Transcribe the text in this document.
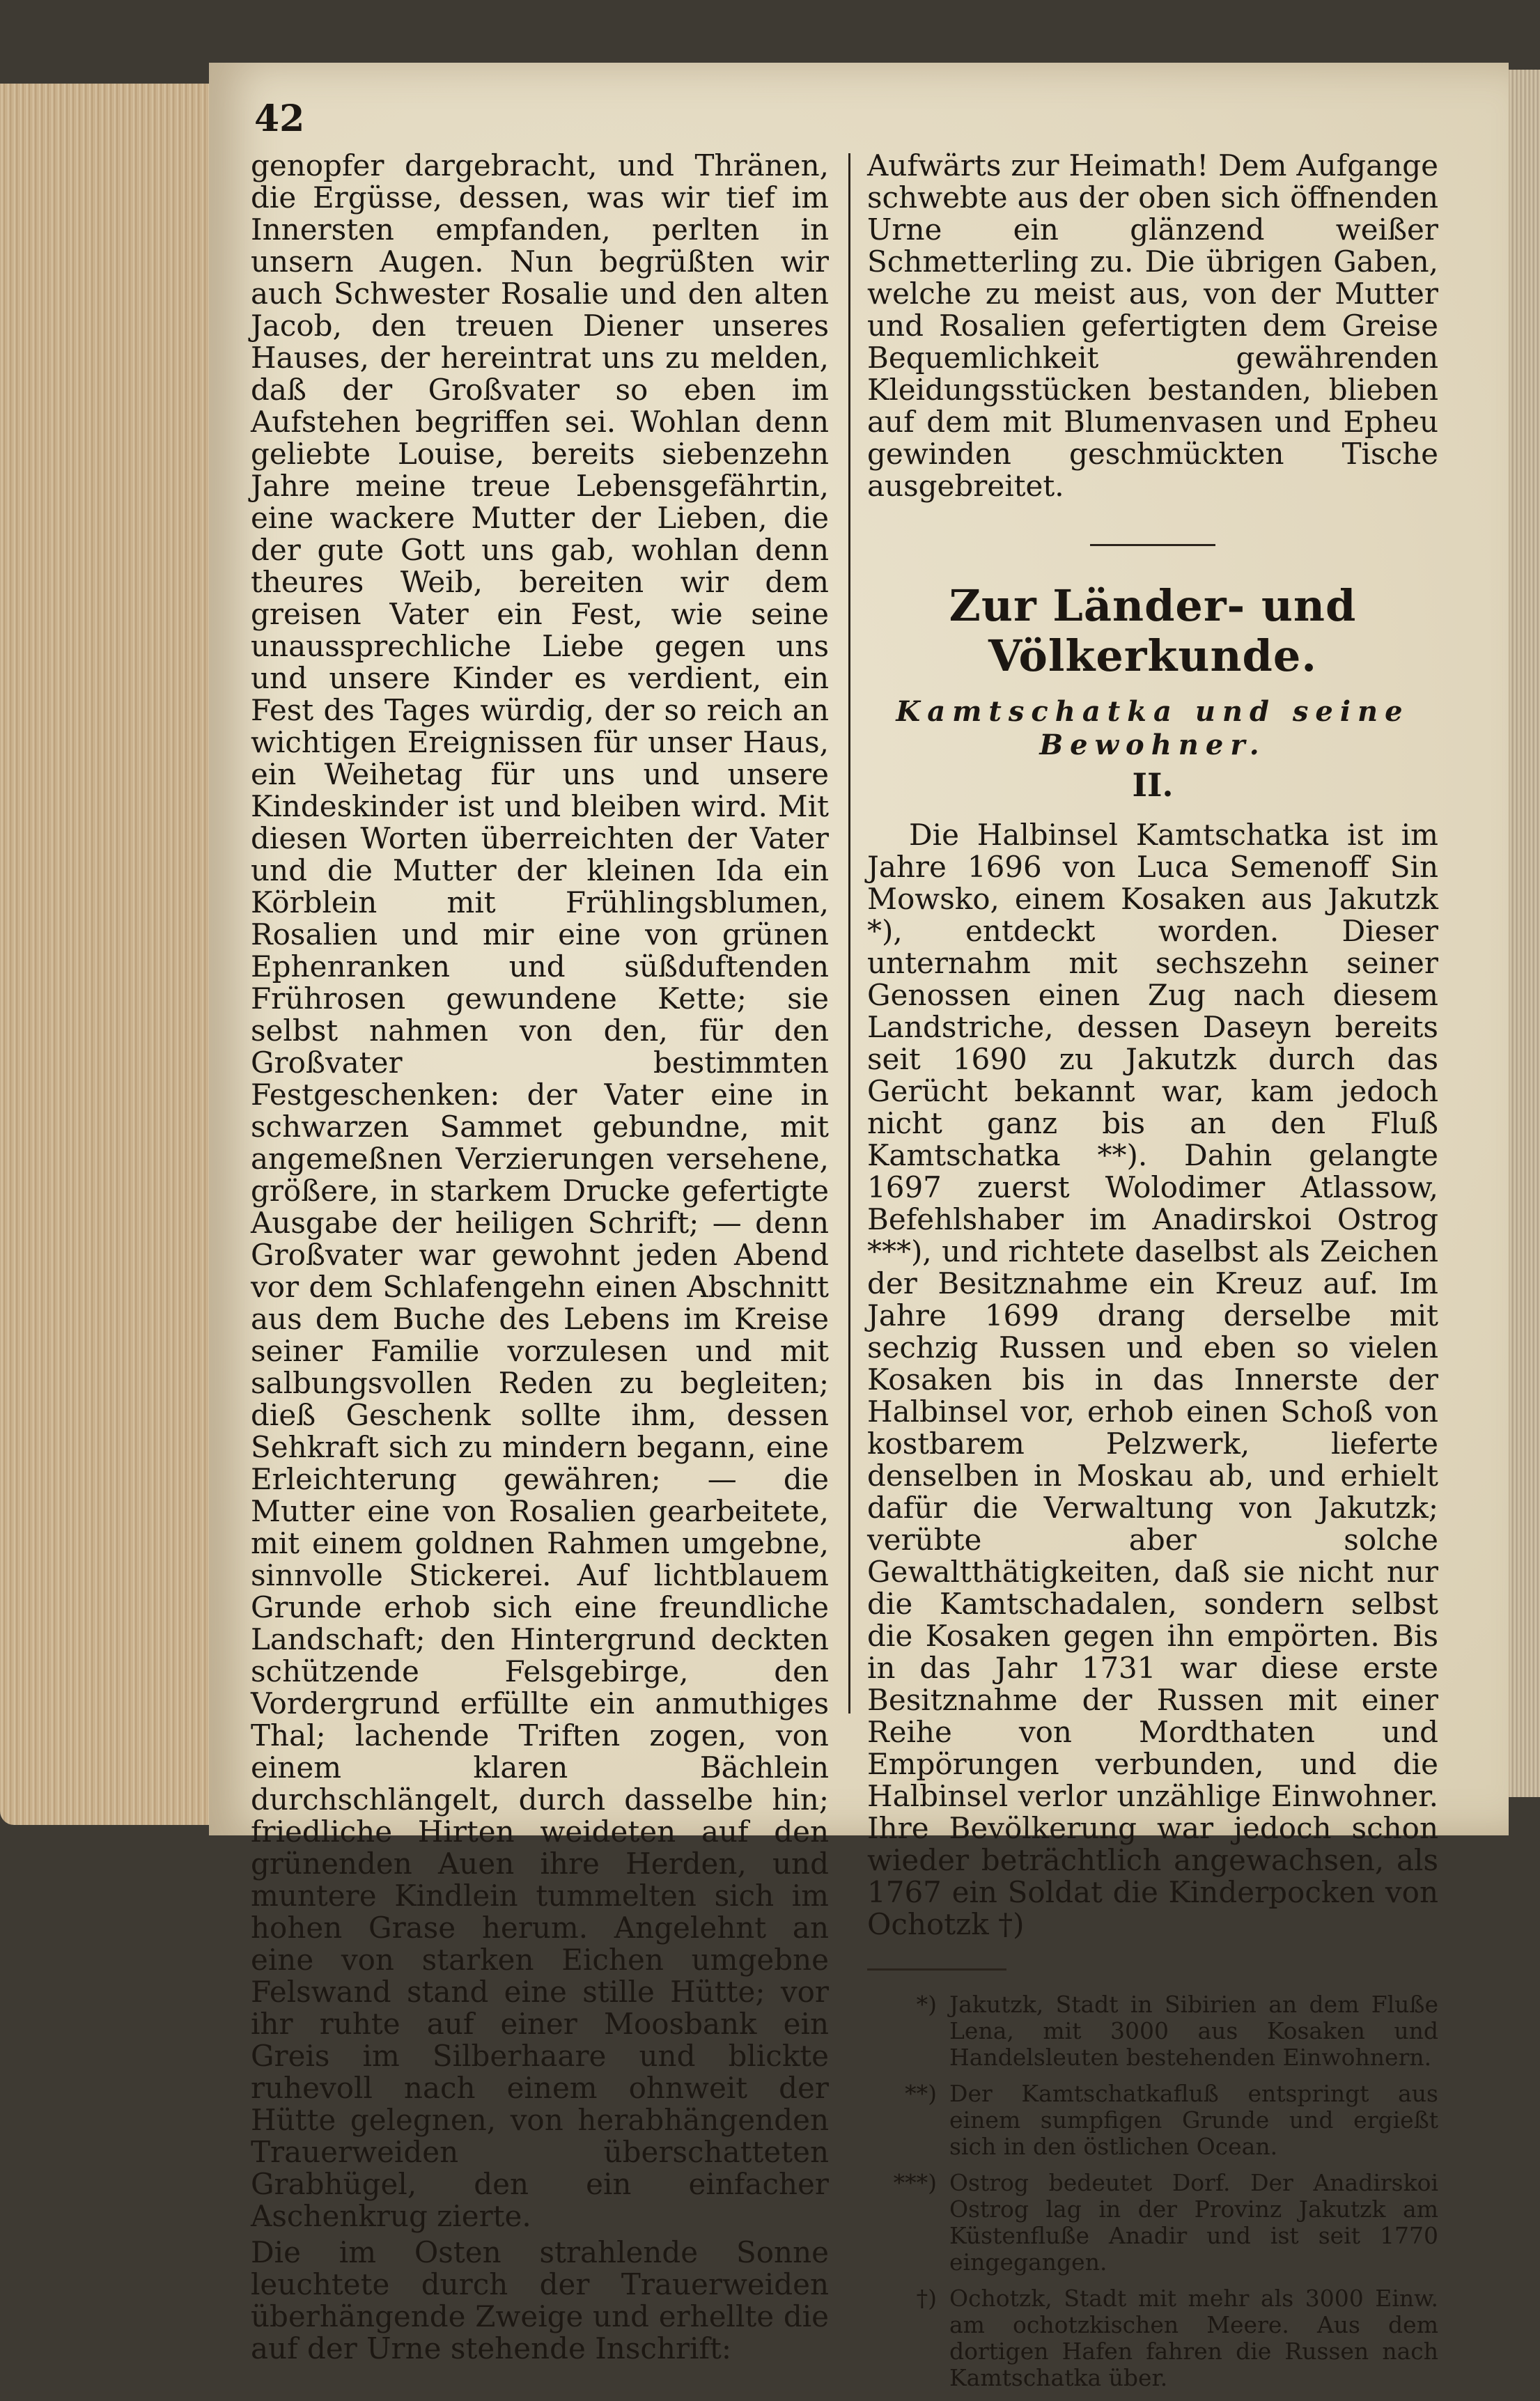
42

genopfer dargebracht, und Thränen, die Ergüsse, dessen, was wir tief im Innersten empfanden, perlten in unsern Augen. Nun begrüßten wir auch Schwester Rosalie und den alten Jacob, den treuen Diener unseres Hauses, der hereintrat uns zu melden, daß der Großvater so eben im Aufstehen begriffen sei. Wohlan denn geliebte Louise, bereits siebenzehn Jahre meine treue Lebensgefährtin, eine wackere Mutter der Lieben, die der gute Gott uns gab, wohlan denn theures Weib, bereiten wir dem greisen Vater ein Fest, wie seine unaussprechliche Liebe gegen uns und unsere Kinder es verdient, ein Fest des Tages würdig, der so reich an wichtigen Ereignissen für unser Haus, ein Weihetag für uns und unsere Kindeskinder ist und bleiben wird. Mit diesen Worten überreichten der Vater und die Mutter der kleinen Ida ein Körblein mit Frühlingsblumen, Rosalien und mir eine von grünen Ephenranken und süßduftenden Frührosen gewundene Kette; sie selbst nahmen von den, für den Großvater bestimmten Festgeschenken: der Vater eine in schwarzen Sammet gebundne, mit angemeßnen Verzierungen versehene, größere, in starkem Drucke gefertigte Ausgabe der heiligen Schrift; — denn Großvater war gewohnt jeden Abend vor dem Schlafengehn einen Abschnitt aus dem Buche des Lebens im Kreise seiner Familie vorzulesen und mit salbungsvollen Reden zu begleiten; dieß Geschenk sollte ihm, dessen Sehkraft sich zu mindern begann, eine Erleichterung gewähren; — die Mutter eine von Rosalien gearbeitete, mit einem goldnen Rahmen umgebne, sinnvolle Stickerei. Auf lichtblauem Grunde erhob sich eine freundliche Landschaft; den Hintergrund deckten schützende Felsgebirge, den Vordergrund erfüllte ein anmuthiges Thal; lachende Triften zogen, von einem klaren Bächlein durchschlängelt, durch dasselbe hin; friedliche Hirten weideten auf den grünenden Auen ihre Herden, und muntere Kindlein tummelten sich im hohen Grase herum. Angelehnt an eine von starken Eichen umgebne Felswand stand eine stille Hütte; vor ihr ruhte auf einer Moosbank ein Greis im Silberhaare und blickte ruhevoll nach einem ohnweit der Hütte gelegnen, von herabhängenden Trauerweiden überschatteten Grabhügel, den ein einfacher Aschenkrug zierte.

Die im Osten strahlende Sonne leuchtete durch der Trauerweiden überhängende Zweige und erhellte die auf der Urne stehende Inschrift:

Aufwärts zur Heimath! Dem Aufgange schwebte aus der oben sich öffnenden Urne ein glänzend weißer Schmetterling zu. Die übrigen Gaben, welche zu meist aus, von der Mutter und Rosalien gefertigten dem Greise Bequemlichkeit gewährenden Kleidungsstücken bestanden, blieben auf dem mit Blumenvasen und Epheu gewinden geschmückten Tische ausgebreitet.

Zur Länder- und Völkerkunde.
Kamtschatka und seine Bewohner.
II.

Die Halbinsel Kamtschatka ist im Jahre 1696 von Luca Semenoff Sin Mowsko, einem Kosaken aus Jakutzk *), entdeckt worden. Dieser unternahm mit sechszehn seiner Genossen einen Zug nach diesem Landstriche, dessen Daseyn bereits seit 1690 zu Jakutzk durch das Gerücht bekannt war, kam jedoch nicht ganz bis an den Fluß Kamtschatka **). Dahin gelangte 1697 zuerst Wolodimer Atlassow, Befehlshaber im Anadirskoi Ostrog ***), und richtete daselbst als Zeichen der Besitznahme ein Kreuz auf. Im Jahre 1699 drang derselbe mit sechzig Russen und eben so vielen Kosaken bis in das Innerste der Halbinsel vor, erhob einen Schoß von kostbarem Pelzwerk, lieferte denselben in Moskau ab, und erhielt dafür die Verwaltung von Jakutzk; verübte aber solche Gewaltthätigkeiten, daß sie nicht nur die Kamtschadalen, sondern selbst die Kosaken gegen ihn empörten. Bis in das Jahr 1731 war diese erste Besitznahme der Russen mit einer Reihe von Mordthaten und Empörungen verbunden, und die Halbinsel verlor unzählige Einwohner. Ihre Bevölkerung war jedoch schon wieder beträchtlich angewachsen, als 1767 ein Soldat die Kinderpocken von Ochotzk †)

*) Jakutzk, Stadt in Sibirien an dem Fluße Lena, mit 3000 aus Kosaken und Handelsleuten bestehenden Einwohnern.
**) Der Kamtschatkafluß entspringt aus einem sumpfigen Grunde und ergießt sich in den östlichen Ocean.
***) Ostrog bedeutet Dorf. Der Anadirskoi Ostrog lag in der Provinz Jakutzk am Küstenfluße Anadir und ist seit 1770 eingegangen.
†) Ochotzk, Stadt mit mehr als 3000 Einw. am ochotzkischen Meere. Aus dem dortigen Hafen fahren die Russen nach Kamtschatka über.
